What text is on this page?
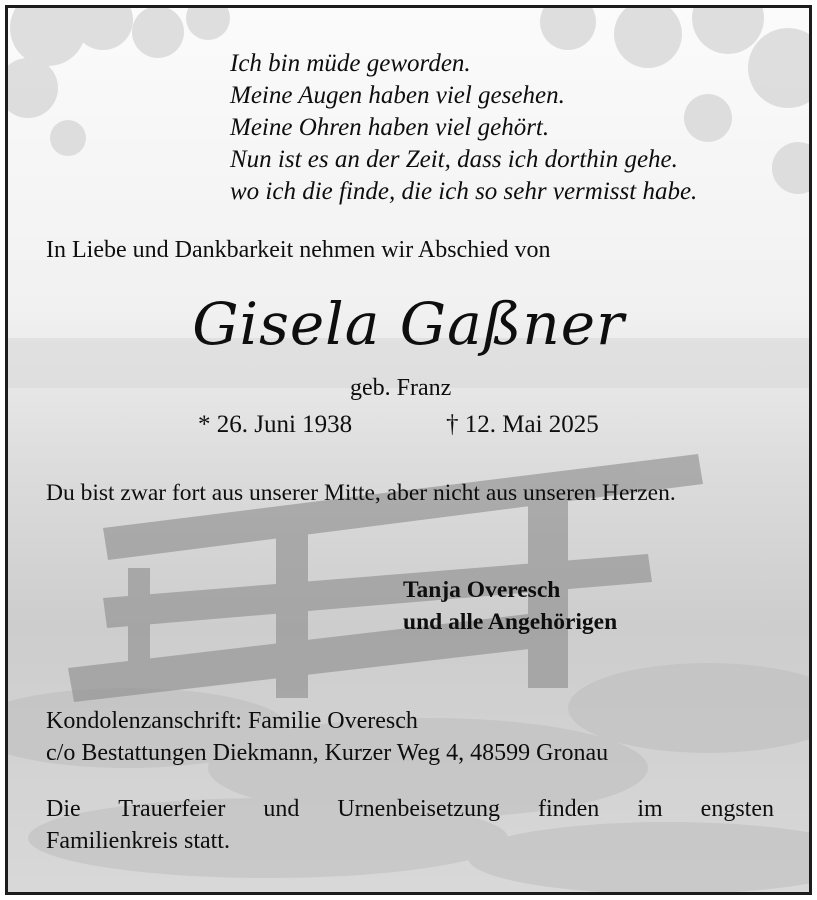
Ich bin müde geworden.
Meine Augen haben viel gesehen.
Meine Ohren haben viel gehört.
Nun ist es an der Zeit, dass ich dorthin gehe.
wo ich die finde, die ich so sehr vermisst habe.
In Liebe und Dankbarkeit nehmen wir Abschied von
Gisela Gaßner
geb. Franz
* 26. Juni 1938	† 12. Mai 2025
Du bist zwar fort aus unserer Mitte, aber nicht aus unseren Herzen.
Tanja Overesch
und alle Angehörigen
Kondolenzanschrift: Familie Overesch
c/o Bestattungen Diekmann, Kurzer Weg 4, 48599 Gronau
Die Trauerfeier und Urnenbeisetzung finden im engsten
Familienkreis statt.
